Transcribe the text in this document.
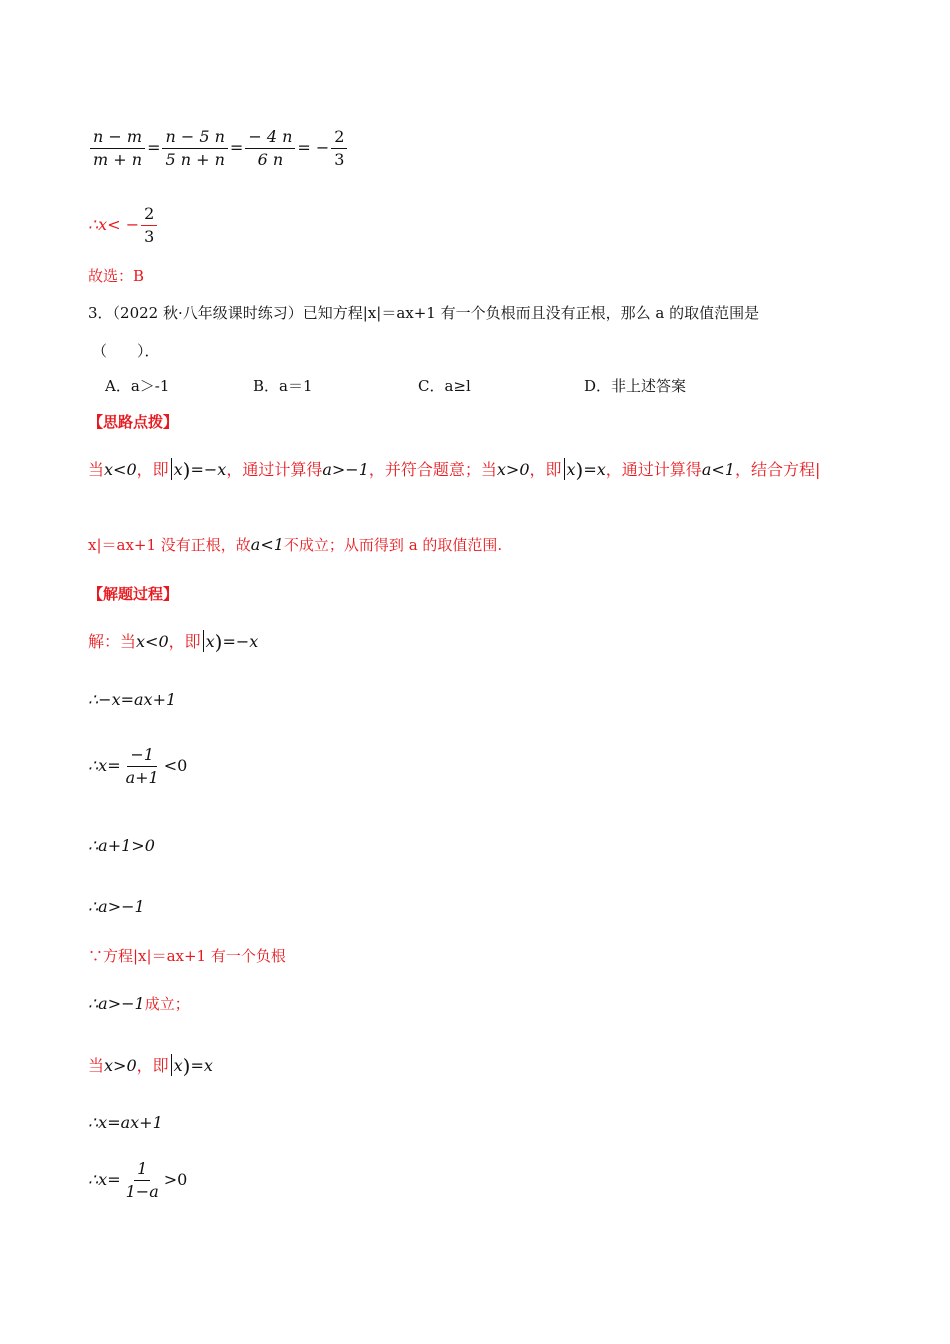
$\frac{n - m}{m + n} = \frac{n - 5 n}{5 n + n} = \frac{- 4 n}{6 n}$ = − $\frac{2}{3}$
∴x< − $\frac{2}{3}$
故选：B
3．（2022 秋·八年级课时练习）已知方程|x|＝ax+1 有一个负根而且没有正根，那么 a 的取值范围是
（　　）．
A．a＞-1	B．a＝1	C．a≥l	D．非上述答案
【思路点拨】
当x<0，即 x)=−x，通过计算得a>−1，并符合题意；当x>0，即 x)=x，通过计算得a<1，结合方程|
x|＝ax+1 没有正根，故a<1不成立；从而得到 a 的取值范围.
【解题过程】
解：当x<0，即 x)=−x
∴−x=ax+1
∴x= $\frac{-1}{a+1} <0$
∴a+1>0
∴a>−1
∵方程|x|＝ax+1 有一个负根
∴a>−1成立；
当x>0，即 x)=x
∴x=ax+1
∴x= $\frac{1}{1-a} >0$
